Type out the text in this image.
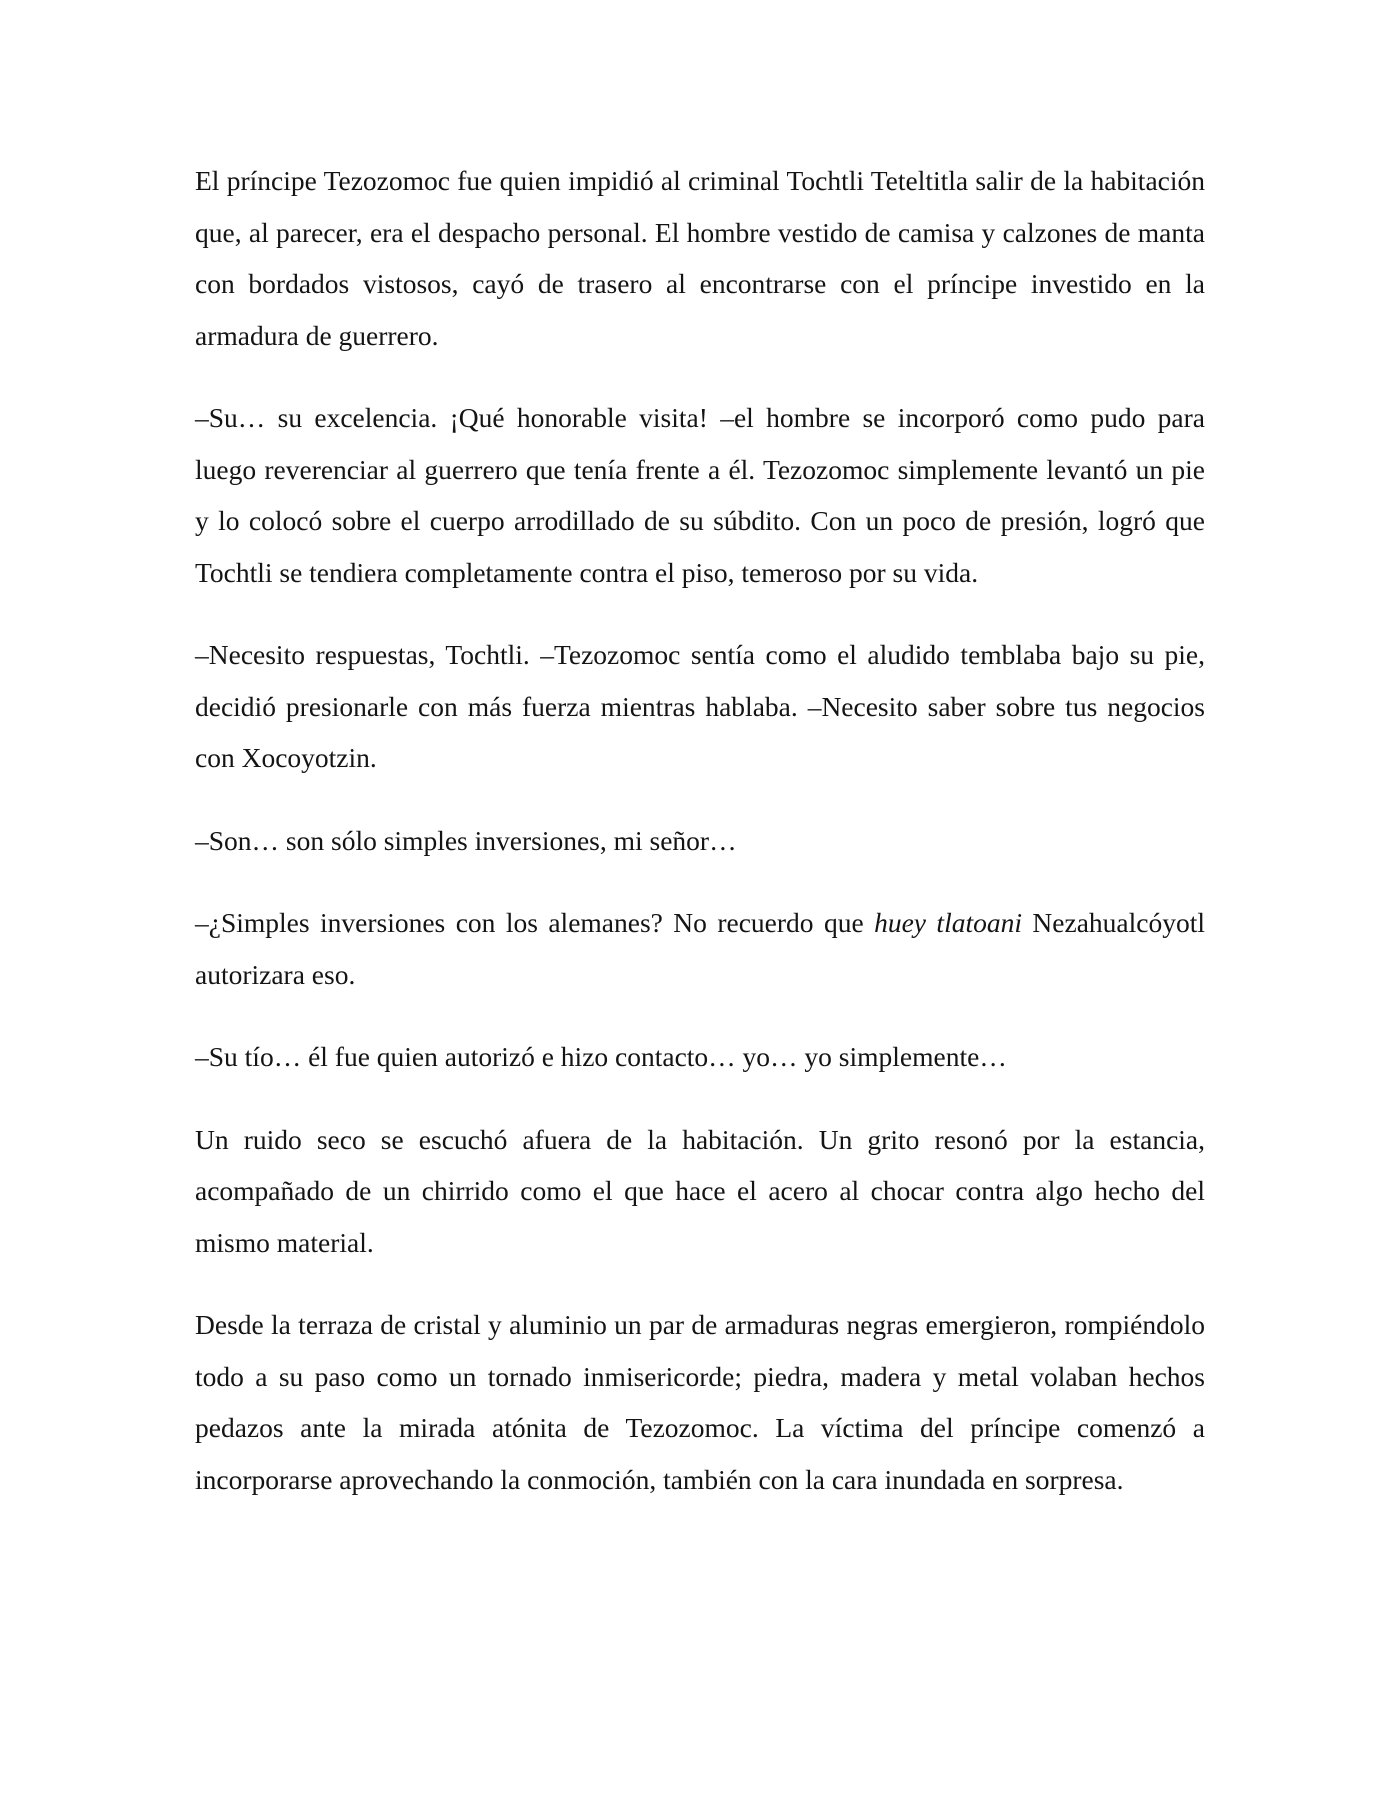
El príncipe Tezozomoc fue quien impidió al criminal Tochtli Teteltitla salir de la habitación que, al parecer, era el despacho personal. El hombre vestido de camisa y calzones de manta con bordados vistosos, cayó de trasero al encontrarse con el príncipe investido en la armadura de guerrero.

–Su… su excelencia. ¡Qué honorable visita! –el hombre se incorporó como pudo para luego reverenciar al guerrero que tenía frente a él. Tezozomoc simplemente levantó un pie y lo colocó sobre el cuerpo arrodillado de su súbdito. Con un poco de presión, logró que Tochtli se tendiera completamente contra el piso, temeroso por su vida.

–Necesito respuestas, Tochtli. –Tezozomoc sentía como el aludido temblaba bajo su pie, decidió presionarle con más fuerza mientras hablaba. –Necesito saber sobre tus negocios con Xocoyotzin.

–Son… son sólo simples inversiones, mi señor…

–¿Simples inversiones con los alemanes? No recuerdo que huey tlatoani Nezahualcóyotl autorizara eso.

–Su tío… él fue quien autorizó e hizo contacto… yo… yo simplemente…

Un ruido seco se escuchó afuera de la habitación. Un grito resonó por la estancia, acompañado de un chirrido como el que hace el acero al chocar contra algo hecho del mismo material.

Desde la terraza de cristal y aluminio un par de armaduras negras emergieron, rompiéndolo todo a su paso como un tornado inmisericorde; piedra, madera y metal volaban hechos pedazos ante la mirada atónita de Tezozomoc. La víctima del príncipe comenzó a incorporarse aprovechando la conmoción, también con la cara inundada en sorpresa.
